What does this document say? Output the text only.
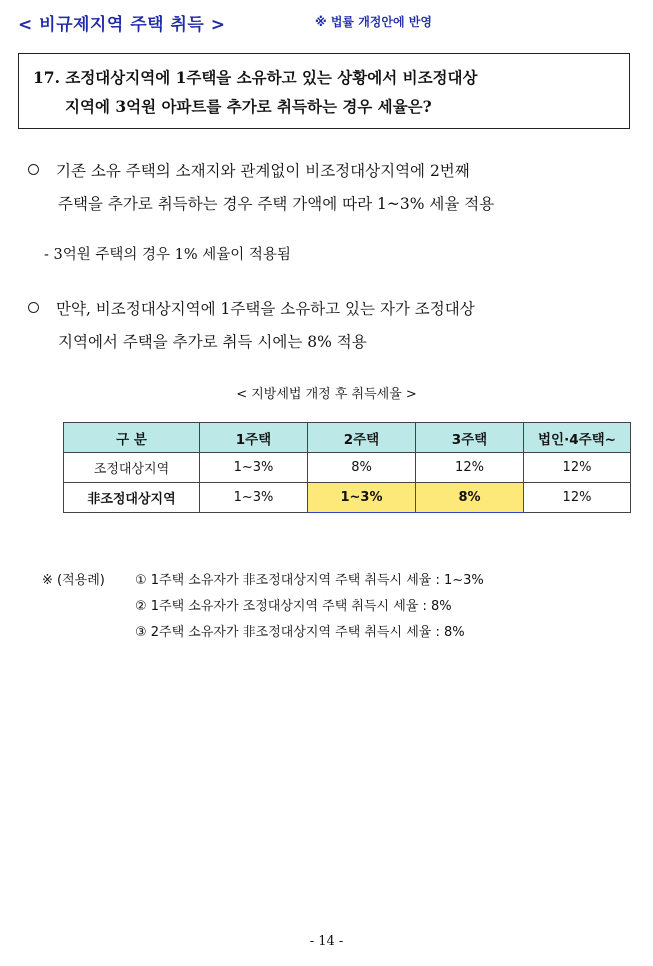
< 비규제지역 주택 취득 >	※ 법률 개정안에 반영
17. 조정대상지역에 1주택을 소유하고 있는 상황에서 비조정대상
지역에 3억원 아파트를 추가로 취득하는 경우 세율은?
기존 소유 주택의 소재지와 관계없이 비조정대상지역에 2번째
주택을 추가로 취득하는 경우 주택 가액에 따라 1~3% 세율 적용
- 3억원 주택의 경우 1% 세율이 적용됨
만약, 비조정대상지역에 1주택을 소유하고 있는 자가 조정대상
지역에서 주택을 추가로 취득 시에는 8% 적용
< 지방세법 개정 후 취득세율 >
구 분	1주택	2주택	3주택	법인·4주택~
조정대상지역	1~3%	8%	12%	12%
非조정대상지역	1~3%	1~3%	8%	12%
※ (적용례) ① 1주택 소유자가 非조정대상지역 주택 취득시 세율 : 1~3%
② 1주택 소유자가 조정대상지역 주택 취득시 세율 : 8%
③ 2주택 소유자가 非조정대상지역 주택 취득시 세율 : 8%
- 14 -
